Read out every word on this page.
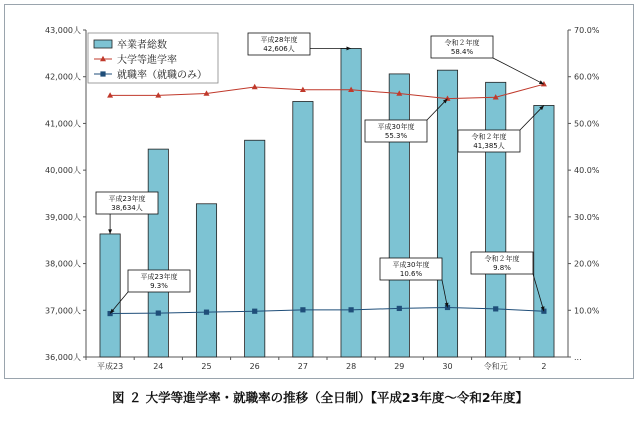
36,000人
37,000人
38,000人
39,000人
40,000人
41,000人
42,000人
43,000人
...
10.0%
20.0%
30.0%
40.0%
50.0%
60.0%
70.0%
平成23	24	25	26	27	28	29	30	令和元	2
卒業者総数
大学等進学率
就職率（就職のみ）
平成23年度
38,634人
平成28年度
42,606人
令和２年度
41,385人
平成30年度
55.3%
令和２年度
58.4%
平成23年度
9.3%
平成30年度
10.6%
令和２年度
9.8%
図 ２ 大学等進学率・就職率の推移（全日制）【平成23年度～令和2年度】
